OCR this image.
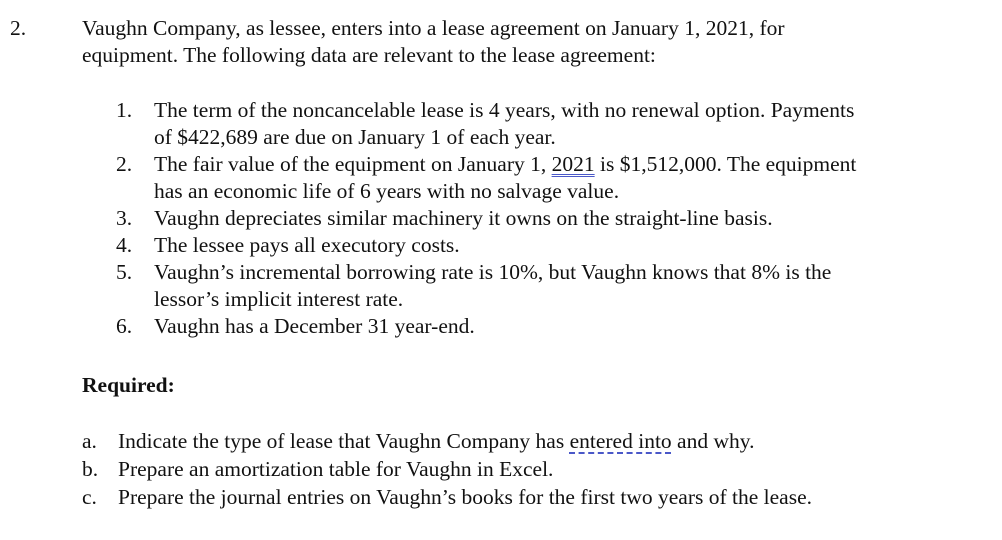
2.	Vaughn Company, as lessee, enters into a lease agreement on January 1, 2021, for
equipment. The following data are relevant to the lease agreement:
1. The term of the noncancelable lease is 4 years, with no renewal option. Payments
of $422,689 are due on January 1 of each year.
2. The fair value of the equipment on January 1, 2021 is $1,512,000. The equipment
has an economic life of 6 years with no salvage value.
3. Vaughn depreciates similar machinery it owns on the straight-line basis.
4. The lessee pays all executory costs.
5. Vaughn’s incremental borrowing rate is 10%, but Vaughn knows that 8% is the
lessor’s implicit interest rate.
6. Vaughn has a December 31 year-end.
Required:
a. Indicate the type of lease that Vaughn Company has entered into and why.
b. Prepare an amortization table for Vaughn in Excel.
c. Prepare the journal entries on Vaughn’s books for the first two years of the lease.
